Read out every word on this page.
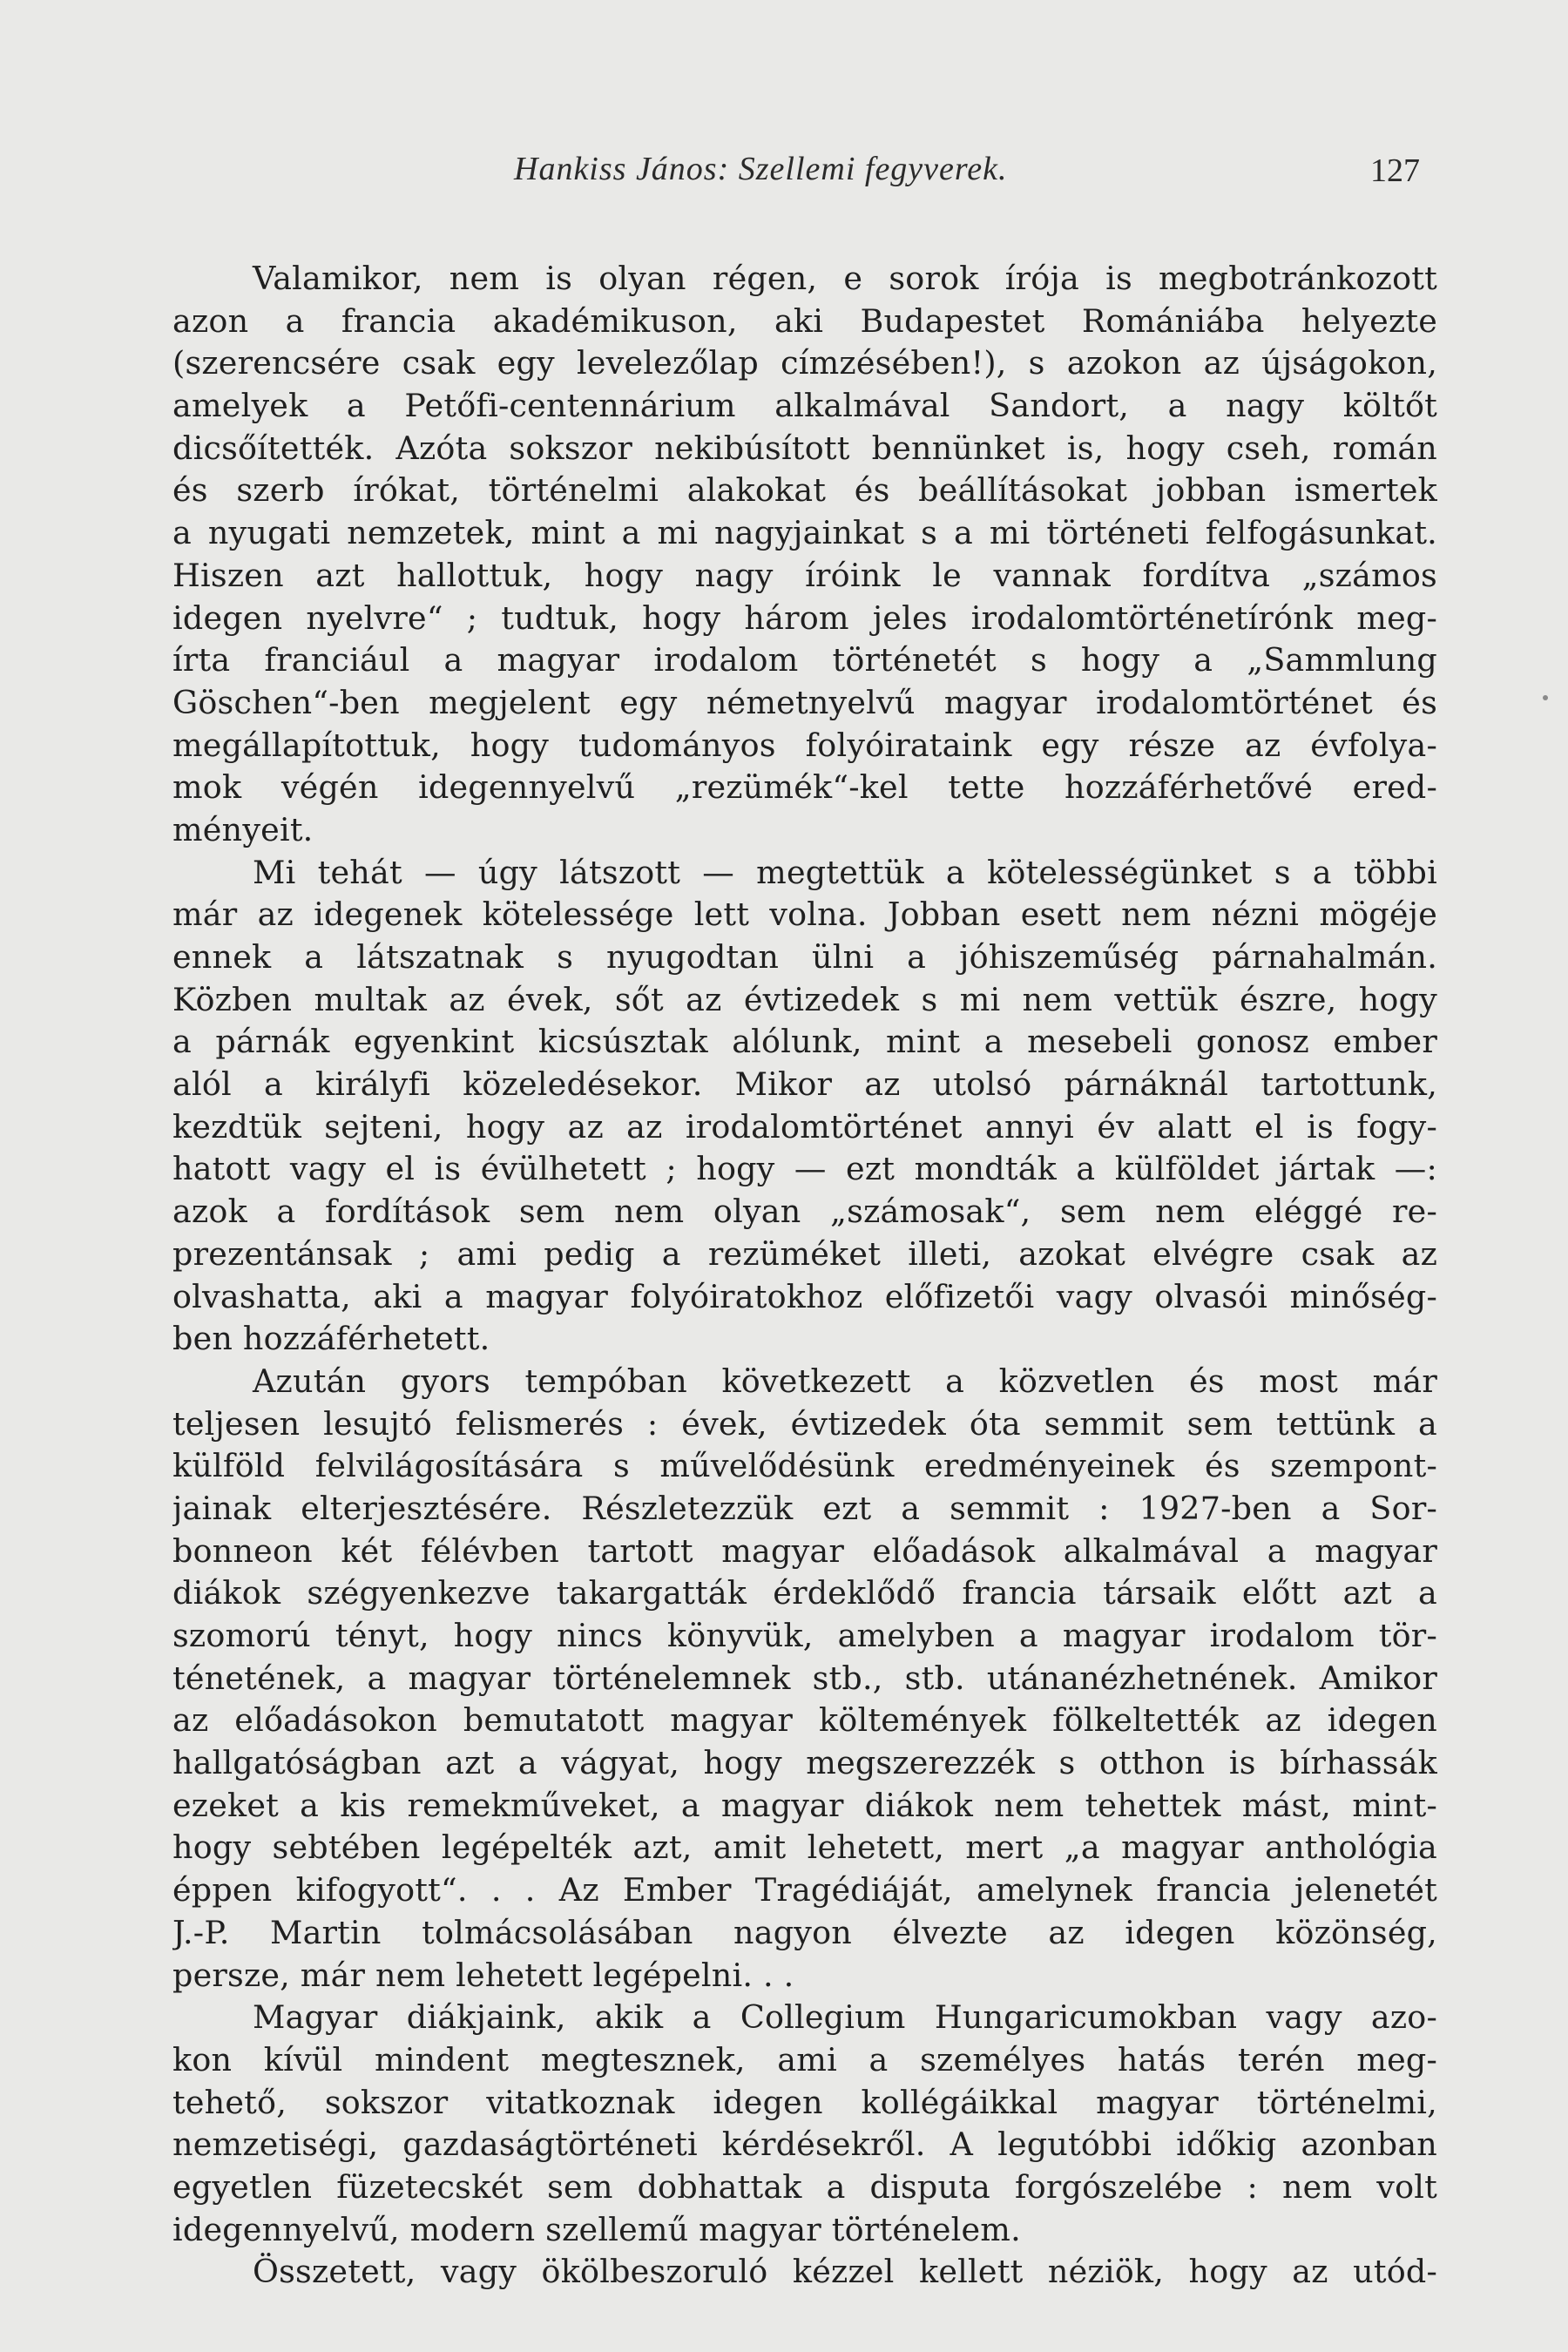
Hankiss János: Szellemi fegyverek.	127
Valamikor, nem is olyan régen, e sorok írója is megbotránkozott
azon a francia akadémikuson, aki Budapestet Romániába helyezte
(szerencsére csak egy levelezőlap címzésében!), s azokon az újságokon,
amelyek a Petőfi-centennárium alkalmával Sandort, a nagy költőt
dicsőítették. Azóta sokszor nekibúsított bennünket is, hogy cseh, román
és szerb írókat, történelmi alakokat és beállításokat jobban ismertek
a nyugati nemzetek, mint a mi nagyjainkat s a mi történeti felfogásunkat.
Hiszen azt hallottuk, hogy nagy íróink le vannak fordítva „számos
idegen nyelvre“ ; tudtuk, hogy három jeles irodalomtörténetírónk meg-
írta franciául a magyar irodalom történetét s hogy a „Sammlung
Göschen“-ben megjelent egy németnyelvű magyar irodalomtörténet és
megállapítottuk, hogy tudományos folyóirataink egy része az évfolya-
mok végén idegennyelvű „rezümék“-kel tette hozzáférhetővé ered-
ményeit.
Mi tehát — úgy látszott — megtettük a kötelességünket s a többi
már az idegenek kötelessége lett volna. Jobban esett nem nézni mögéje
ennek a látszatnak s nyugodtan ülni a jóhiszeműség párnahalmán.
Közben multak az évek, sőt az évtizedek s mi nem vettük észre, hogy
a párnák egyenkint kicsúsztak alólunk, mint a mesebeli gonosz ember
alól a királyfi közeledésekor. Mikor az utolsó párnáknál tartottunk,
kezdtük sejteni, hogy az az irodalomtörténet annyi év alatt el is fogy-
hatott vagy el is évülhetett ; hogy — ezt mondták a külföldet jártak —:
azok a fordítások sem nem olyan „számosak“, sem nem eléggé re-
prezentánsak ; ami pedig a rezüméket illeti, azokat elvégre csak az
olvashatta, aki a magyar folyóiratokhoz előfizetői vagy olvasói minőség-
ben hozzáférhetett.
Azután gyors tempóban következett a közvetlen és most már
teljesen lesujtó felismerés : évek, évtizedek óta semmit sem tettünk a
külföld felvilágosítására s művelődésünk eredményeinek és szempont-
jainak elterjesztésére. Részletezzük ezt a semmit : 1927-ben a Sor-
bonneon két félévben tartott magyar előadások alkalmával a magyar
diákok szégyenkezve takargatták érdeklődő francia társaik előtt azt a
szomorú tényt, hogy nincs könyvük, amelyben a magyar irodalom tör-
ténetének, a magyar történelemnek stb., stb. utánanézhetnének. Amikor
az előadásokon bemutatott magyar költemények fölkeltették az idegen
hallgatóságban azt a vágyat, hogy megszerezzék s otthon is bírhassák
ezeket a kis remekműveket, a magyar diákok nem tehettek mást, mint-
hogy sebtében legépelték azt, amit lehetett, mert „a magyar anthológia
éppen kifogyott“. . . Az Ember Tragédiáját, amelynek francia jelenetét
J.-P. Martin tolmácsolásában nagyon élvezte az idegen közönség,
persze, már nem lehetett legépelni. . .
Magyar diákjaink, akik a Collegium Hungaricumokban vagy azo-
kon kívül mindent megtesznek, ami a személyes hatás terén meg-
tehető, sokszor vitatkoznak idegen kollégáikkal magyar történelmi,
nemzetiségi, gazdaságtörténeti kérdésekről. A legutóbbi időkig azonban
egyetlen füzetecskét sem dobhattak a disputa forgószelébe : nem volt
idegennyelvű, modern szellemű magyar történelem.
Összetett, vagy ökölbeszoruló kézzel kellett néziök, hogy az utód-
